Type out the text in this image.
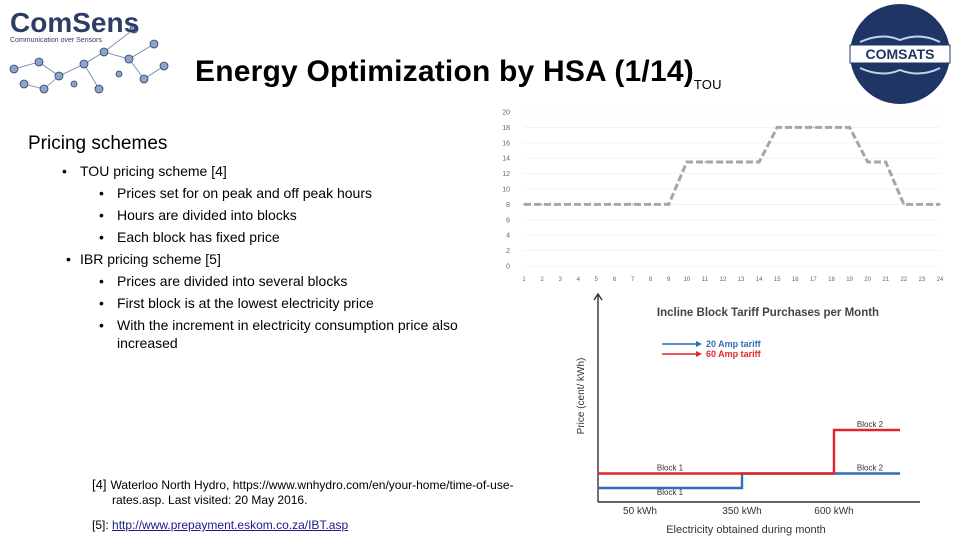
ComSens
Communication over Sensors
COMSATS
Energy Optimization by HSA $(1/14)_{TOU}$
Pricing schemes
• TOU pricing scheme [4]
• Prices set for on peak and off peak hours
• Hours are divided into blocks
• Each block has fixed price
• IBR pricing scheme [5]
• Prices are divided into several blocks
• First block is at the lowest electricity price
• With the increment in electricity consumption price also
increased
[4] Waterloo North Hydro, https://www.wnhydro.com/en/your-home/time-of-use-
rates.asp. Last visited: 20 May 2016.
[5]: http://www.prepayment.eskom.co.za/IBT.asp
0
2
4
6
8
10
12
14
16
18
20
1 2 3 4 5 6 7 8 9 10 11 12 13 14 15 16 17 18 19 20 21 22 23 24
Incline Block Tariff Purchases per Month
Price (cent/ kWh)
Electricity obtained during month
50 kWh	350 kWh	600 kWh
Block 1
Block 2
20 Amp tariff
Block 1
Block 2
60 Amp tariff
